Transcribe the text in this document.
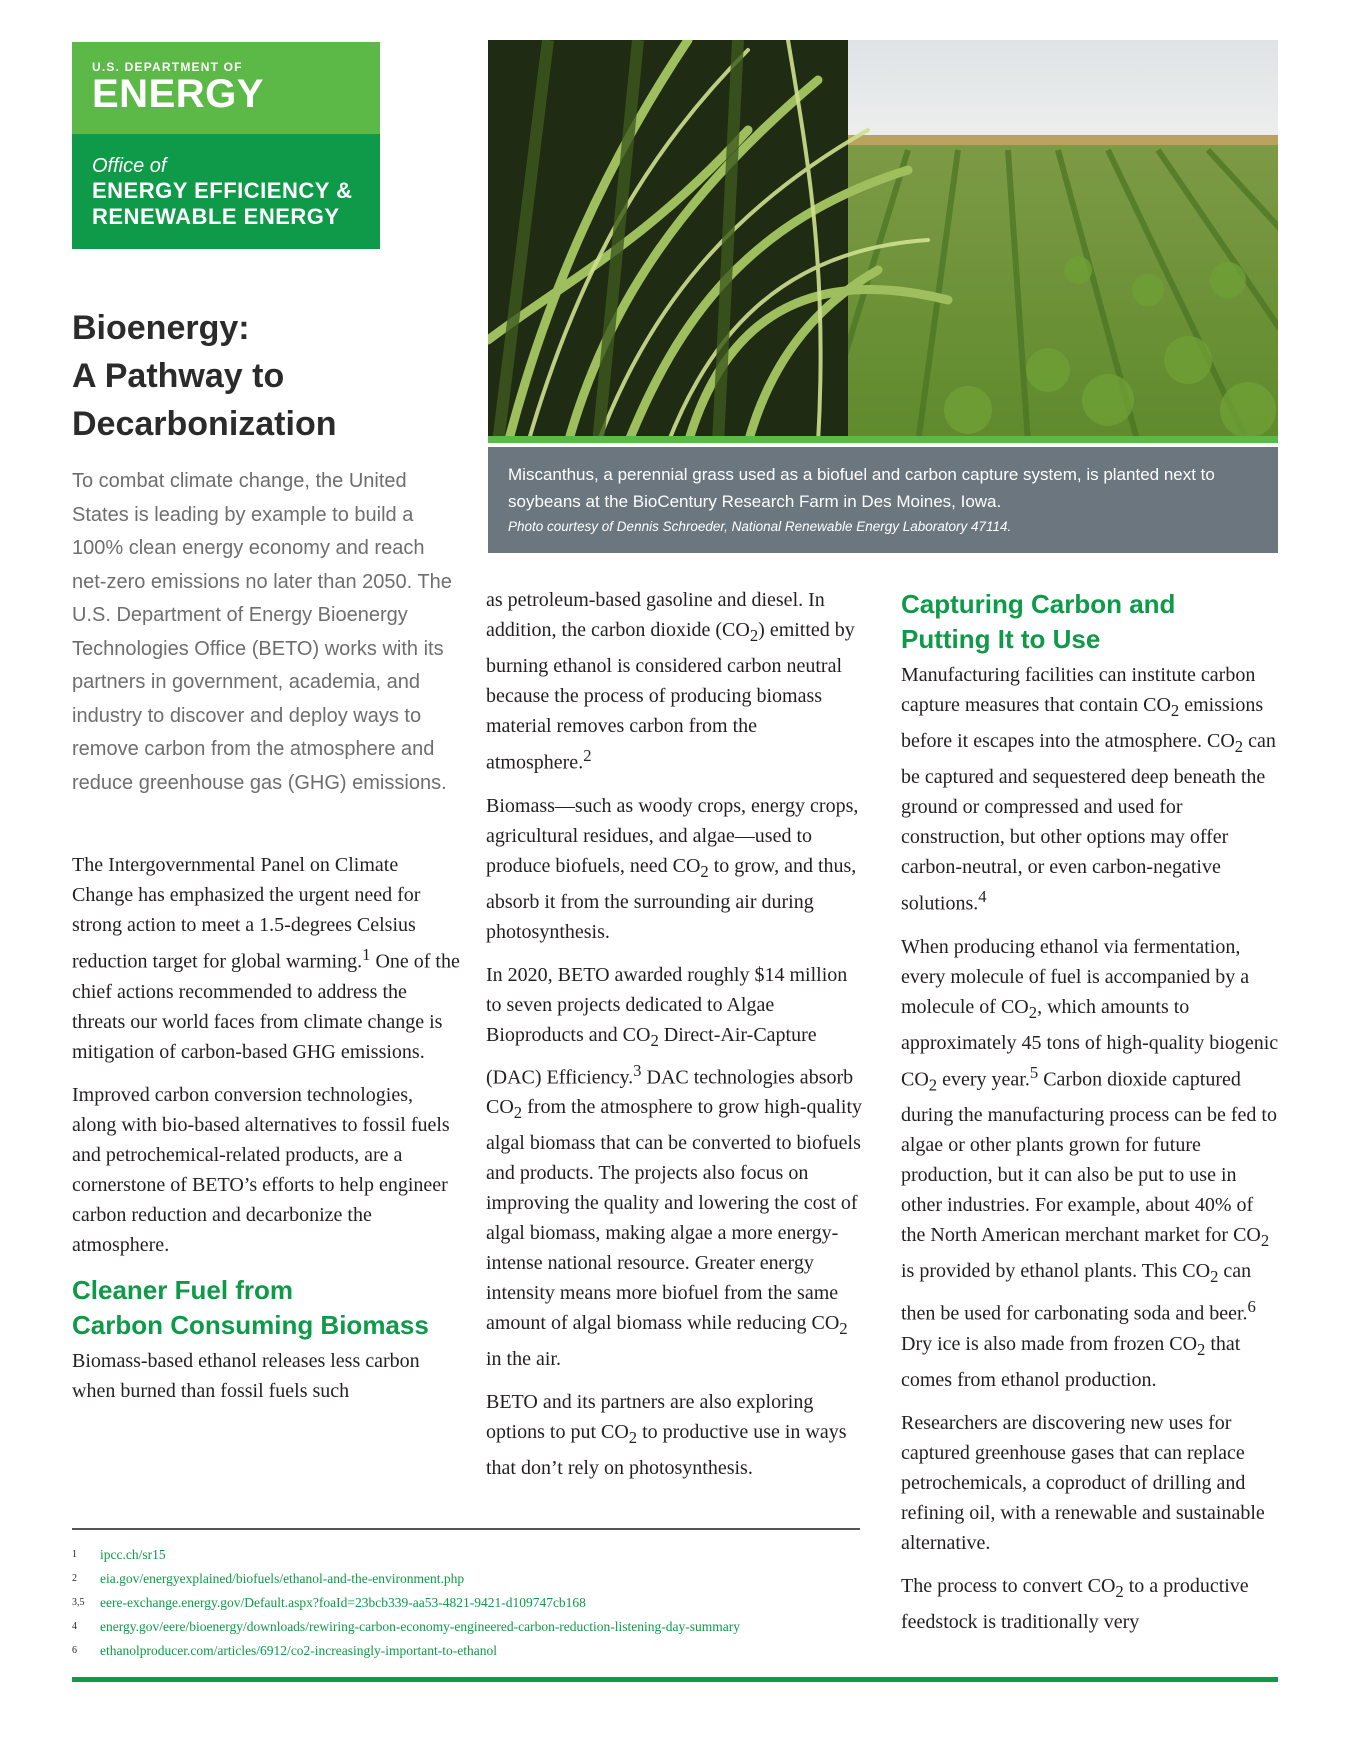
U.S. DEPARTMENT OF
ENERGY
Office of
ENERGY EFFICIENCY &
RENEWABLE ENERGY
Miscanthus, a perennial grass used as a biofuel and carbon capture system, is planted next to soybeans at the BioCentury Research Farm in Des Moines, Iowa.
Photo courtesy of Dennis Schroeder, National Renewable Energy Laboratory 47114.
Bioenergy:
A Pathway to
Decarbonization
To combat climate change, the United States is leading by example to build a 100% clean energy economy and reach net-zero emissions no later than 2050. The U.S. Department of Energy Bioenergy Technologies Office (BETO) works with its partners in government, academia, and industry to discover and deploy ways to remove carbon from the atmosphere and reduce greenhouse gas (GHG) emissions.

The Intergovernmental Panel on Climate Change has emphasized the urgent need for strong action to meet a 1.5-degrees Celsius reduction target for global warming.$^1$ One of the chief actions recommended to address the threats our world faces from climate change is mitigation of carbon-based GHG emissions.

Improved carbon conversion technologies, along with bio-based alternatives to fossil fuels and petrochemical-related products, are a cornerstone of BETO’s efforts to help engineer carbon reduction and decarbonize the atmosphere.

Cleaner Fuel from
Carbon Consuming Biomass

Biomass-based ethanol releases less carbon when burned than fossil fuels such

as petroleum-based gasoline and diesel. In addition, the carbon dioxide $(CO_2)$ emitted by burning ethanol is considered carbon neutral because the process of producing biomass material removes carbon from the atmosphere.$^2$

Biomass—such as woody crops, energy crops, agricultural residues, and algae—used to produce biofuels, need $CO_2$ to grow, and thus, absorb it from the surrounding air during photosynthesis.

In 2020, BETO awarded roughly $14 million to seven projects dedicated to Algae Bioproducts and $CO_2$ Direct-Air-Capture (DAC) Efficiency.$^3$ DAC technologies absorb $CO_2$ from the atmosphere to grow high-quality algal biomass that can be converted to biofuels and products. The projects also focus on improving the quality and lowering the cost of algal biomass, making algae a more energy-intense national resource. Greater energy intensity means more biofuel from the same amount of algal biomass while reducing $CO_2$ in the air.

BETO and its partners are also exploring options to put $CO_2$ to productive use in ways that don’t rely on photosynthesis.

Capturing Carbon and
Putting It to Use

Manufacturing facilities can institute carbon capture measures that contain $CO_2$ emissions before it escapes into the atmosphere. $CO_2$ can be captured and sequestered deep beneath the ground or compressed and used for construction, but other options may offer carbon-neutral, or even carbon-negative solutions.$^4$

When producing ethanol via fermentation, every molecule of fuel is accompanied by a molecule of $CO_2$, which amounts to approximately 45 tons of high-quality biogenic $CO_2$ every year.$^5$ Carbon dioxide captured during the manufacturing process can be fed to algae or other plants grown for future production, but it can also be put to use in other industries. For example, about 40% of the North American merchant market for $CO_2$ is provided by ethanol plants. This $CO_2$ can then be used for carbonating soda and beer.$^6$ Dry ice is also made from frozen $CO_2$ that comes from ethanol production.

Researchers are discovering new uses for captured greenhouse gases that can replace petrochemicals, a coproduct of drilling and refining oil, with a renewable and sustainable alternative.

The process to convert $CO_2$ to a productive feedstock is traditionally very

1	ipcc.ch/sr15
2	eia.gov/energyexplained/biofuels/ethanol-and-the-environment.php
3,5	eere-exchange.energy.gov/Default.aspx?foaId=23bcb339-aa53-4821-9421-d109747cb168
4	energy.gov/eere/bioenergy/downloads/rewiring-carbon-economy-engineered-carbon-reduction-listening-day-summary
6	ethanolproducer.com/articles/6912/co2-increasingly-important-to-ethanol
